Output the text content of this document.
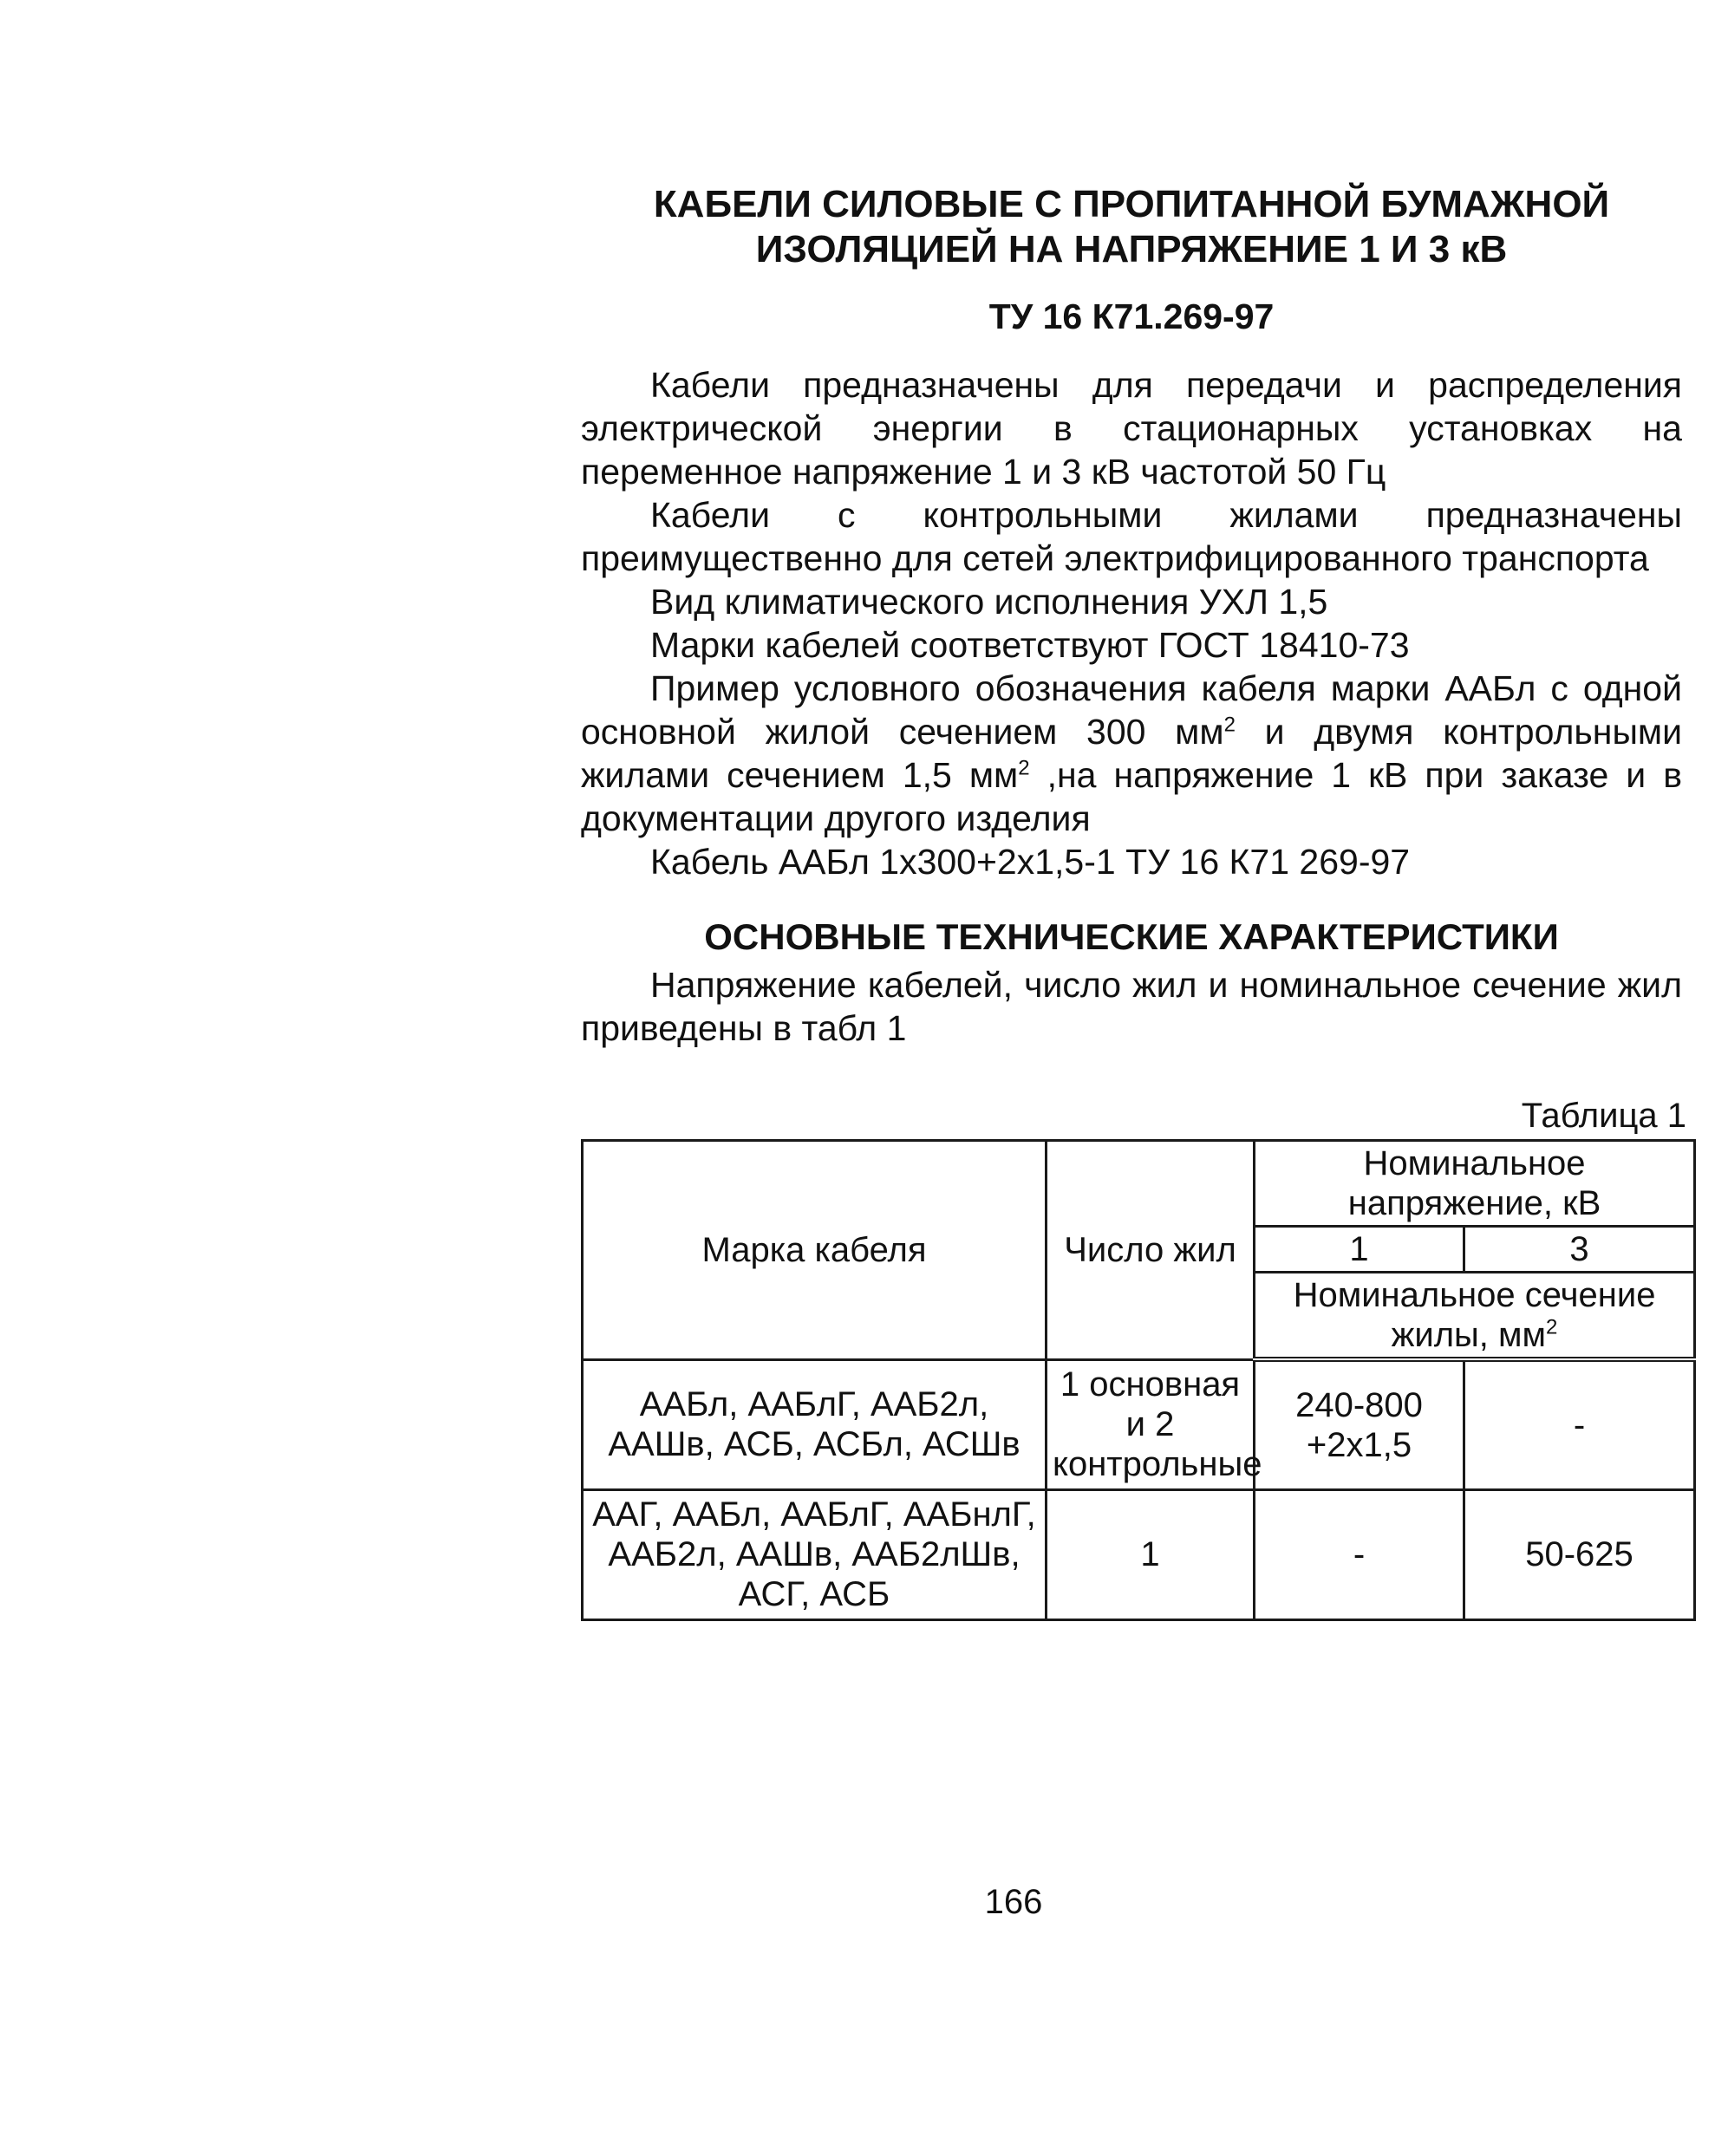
КАБЕЛИ СИЛОВЫЕ С ПРОПИТАННОЙ БУМАЖНОЙ
ИЗОЛЯЦИЕЙ НА НАПРЯЖЕНИЕ 1 И 3 кВ
ТУ 16 К71.269-97

Кабели предназначены для передачи и распределения электрической энергии в стационарных установках на переменное напряжение 1 и 3 кВ частотой 50 Гц

Кабели с контрольными жилами предназначены преимущественно для сетей электрифицированного транспорта

Вид климатического исполнения УХЛ 1,5

Марки кабелей соответствуют ГОСТ 18410-73

Пример условного обозначения кабеля марки ААБл с одной основной жилой сечением 300 $мм^2$ и двумя контрольными жилами сечением 1,5 $мм^2$ ,на напряжение 1 кВ при заказе и в документации другого изделия

Кабель ААБл 1х300+2х1,5-1 ТУ 16 К71 269-97

ОСНОВНЫЕ ТЕХНИЧЕСКИЕ ХАРАКТЕРИСТИКИ

Напряжение кабелей, число жил и номинальное сечение жил приведены в табл 1

Таблица 1
Марка кабеля	Число жил	Номинальное напряжение, кВ	
		1	3
		Номинальное сечение жилы, $мм^2$
ААБл, ААБлГ, ААБ2л, ААШв, АСБ, АСБл, АСШв	1 основная и 2 контрольные	240-800 +2х1,5	-
ААГ, ААБл, ААБлГ, ААБнлГ, ААБ2л, ААШв, ААБ2лШв, АСГ, АСБ	1	-	50-625
166
